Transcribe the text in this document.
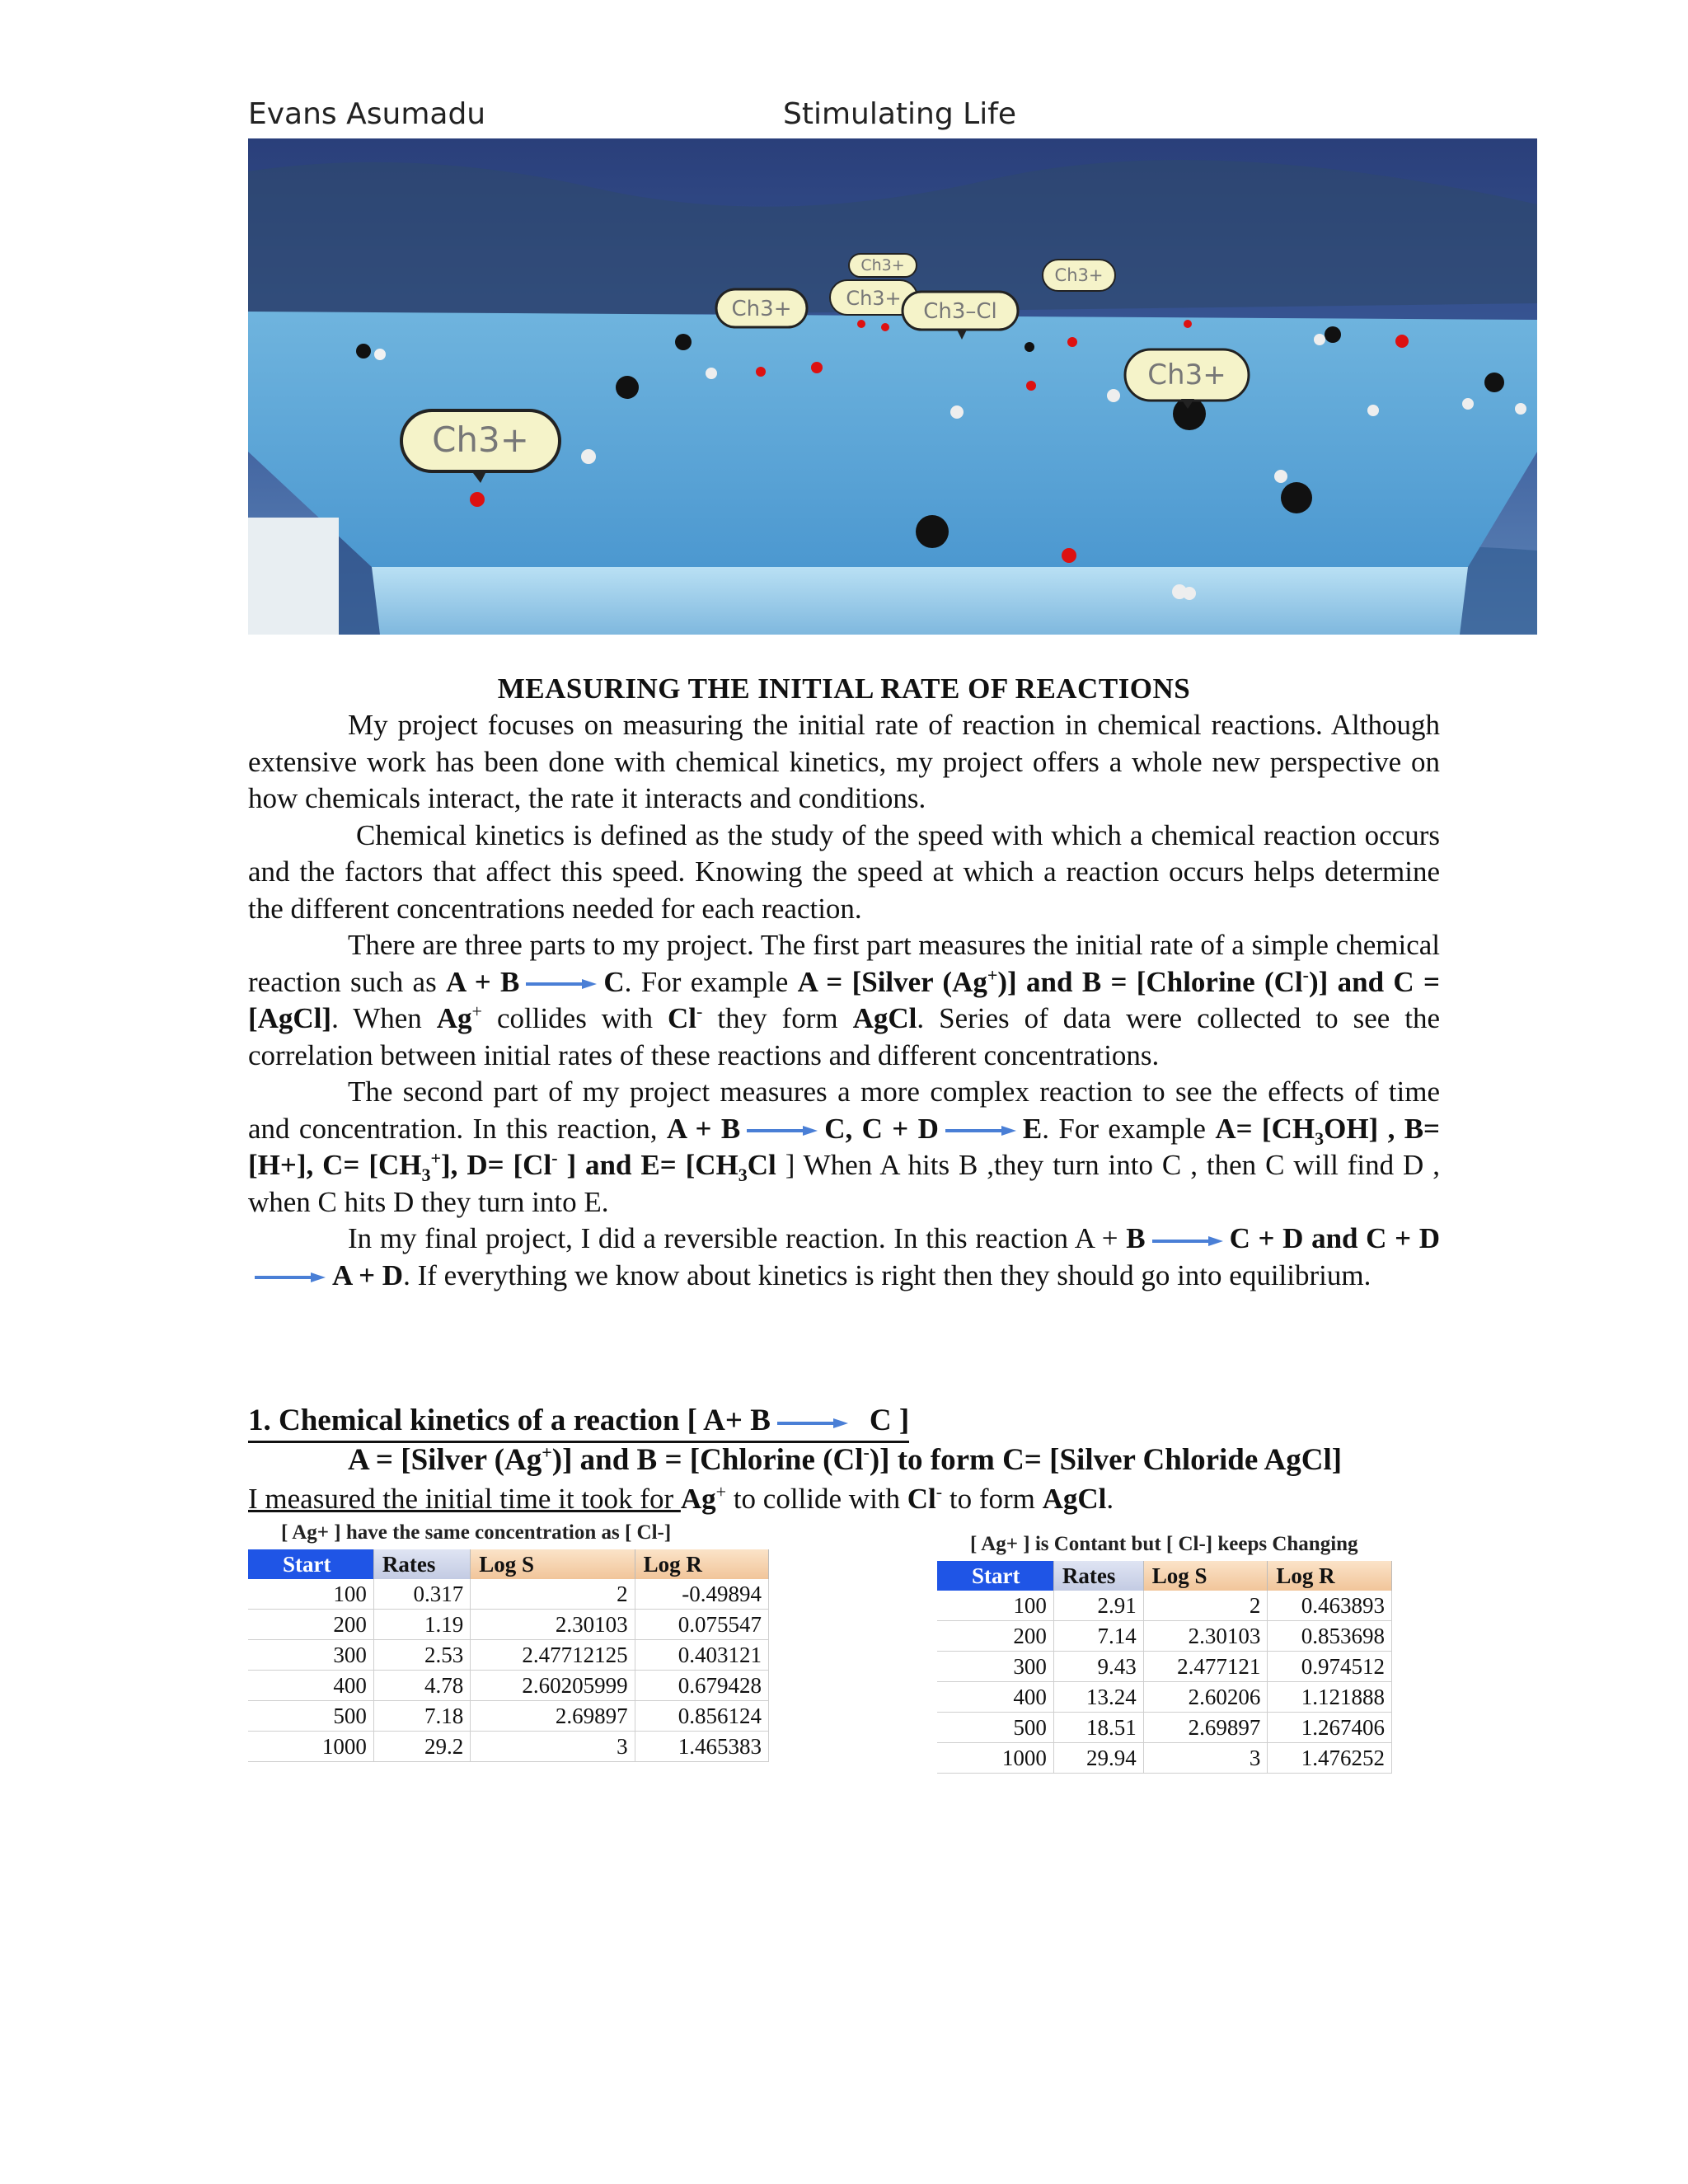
Evans Asumadu	Stimulating Life
Ch3+
Ch3+
Ch3+
Ch3+
Ch3–Cl
Ch3+
Ch3+
MEASURING THE INITIAL RATE OF REACTIONS

My project focuses on measuring the initial rate of reaction in chemical reactions. Although extensive work has been done with chemical kinetics, my project offers a whole new perspective on how chemicals interact, the rate it interacts and conditions.

Chemical kinetics is defined as the study of the speed with which a chemical reaction occurs and the factors that affect this speed. Knowing the speed at which a reaction occurs helps determine the different concentrations needed for each reaction.

There are three parts to my project. The first part measures the initial rate of a simple chemical reaction such as A + B → C. For example A = [Silver (Ag+)] and B = [Chlorine (Cl-)] and C = [AgCl]. When Ag+ collides with Cl- they form AgCl. Series of data were collected to see the correlation between initial rates of these reactions and different concentrations.

The second part of my project measures a more complex reaction to see the effects of time and concentration. In this reaction, A + B → C, C + D → E. For example $A= [CH_3OH]$ , B= [H+], $C= [CH_3^+]$, D= [Cl- ] and $E= [CH_3Cl$ ] When A hits B ,they turn into C , then C will find D , when C hits D they turn into E.

In my final project, I did a reversible reaction. In this reaction A + B → C + D and C + D→ A + D. If everything we know about kinetics is right then they should go into equilibrium.

1. Chemical kinetics of a reaction [ A+ B → C ]
A = [Silver (Ag+)] and B = [Chlorine (Cl-)] to form C= [Silver Chloride AgCl]
I measured the initial time it took for Ag+ to collide with Cl- to form AgCl.
[ Ag+ ] have the same concentration as [ Cl-]
Start	Rates	Log S	Log R
100	0.317	2	-0.49894
200	1.19	2.30103	0.075547
300	2.53	2.47712125	0.403121
400	4.78	2.60205999	0.679428
500	7.18	2.69897	0.856124
1000	29.2	3	1.465383
[ Ag+ ] is Contant but [ Cl-] keeps Changing
Start	Rates	Log S	Log R
100	2.91	2	0.463893
200	7.14	2.30103	0.853698
300	9.43	2.477121	0.974512
400	13.24	2.60206	1.121888
500	18.51	2.69897	1.267406
1000	29.94	3	1.476252
